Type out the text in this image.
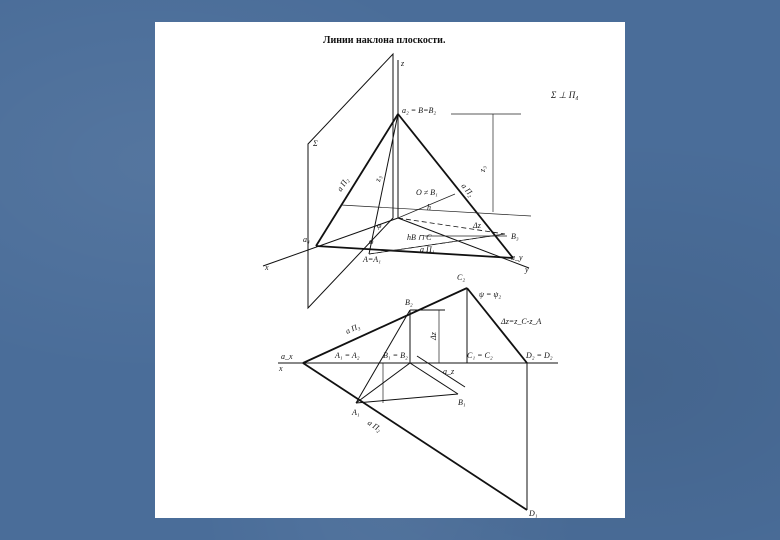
Линии наклона плоскости.
Σ ⊥ Π₄
Σ
z
x	y
a₂ = B=B₂
z₃
a Π₂	a Π₂
z₃
O ≠ B₁
h
a₄
φ
φ	hB ⊓ C	B₃
a Π₁
Δz
A=A₁	a_y
a_x
x
a Π₃
a Π₂
Δz
C₂
ψ = ψ₂
B₂
Δz=z_C-z_A
A₁ = A₂	B₁ = B₂	C₁ = C₂	D₂ = D₂
a_z
A₁
B₁
D₁
